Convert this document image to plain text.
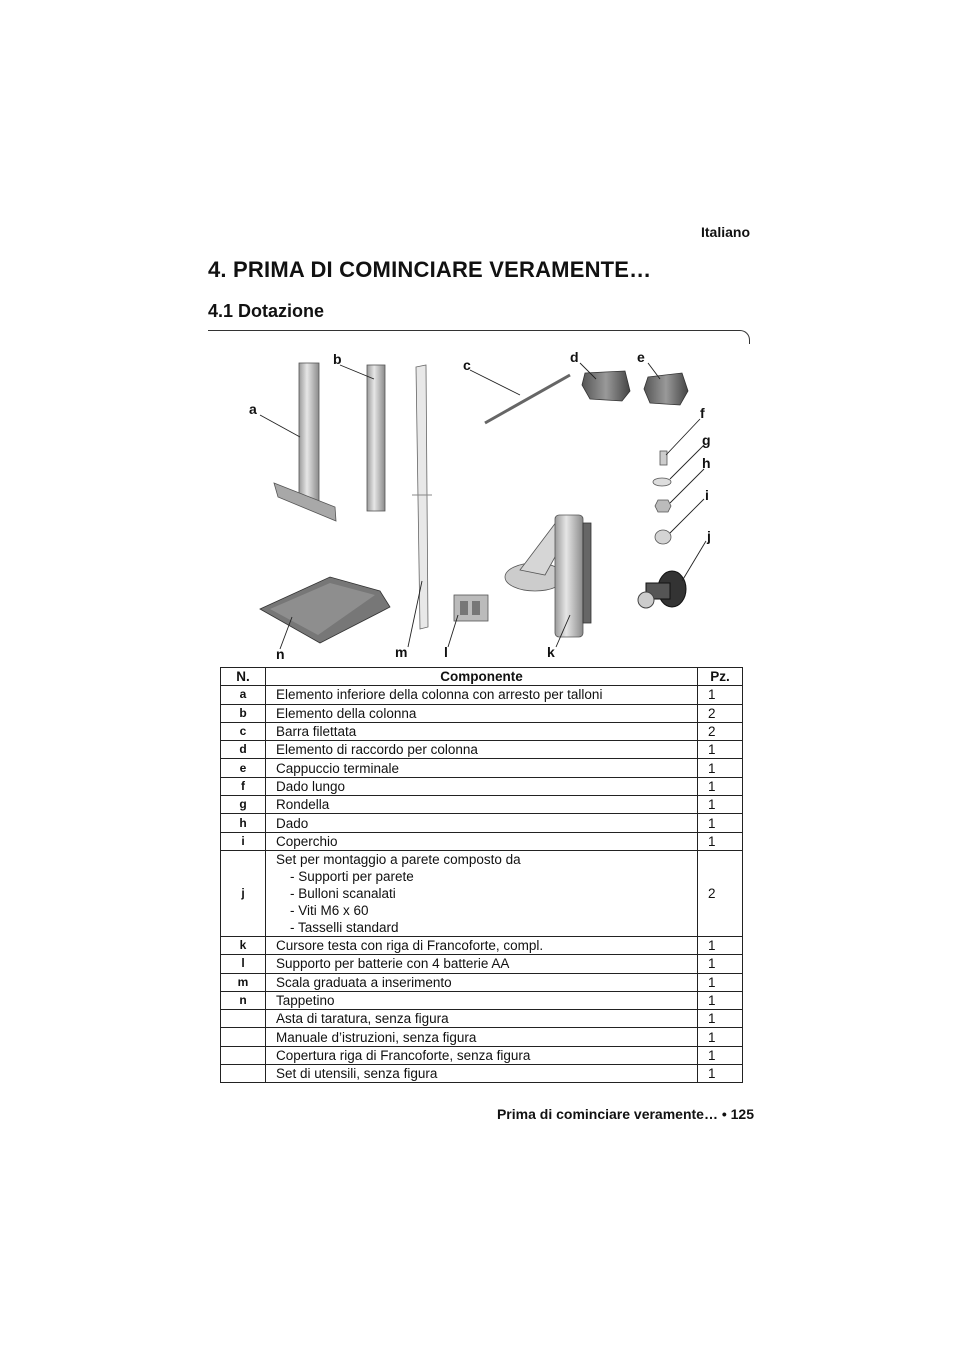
Italiano
4. PRIMA DI COMINCIARE VERAMENTE…
4.1 Dotazione
a
b	c	d	e
f
g
h
i
j
k
l
m
n
N.	Componente	Pz.
a	Elemento inferiore della colonna con arresto per talloni	1
b	Elemento della colonna	2
c	Barra filettata	2
d	Elemento di raccordo per colonna	1
e	Cappuccio terminale	1
f	Dado lungo	1
g	Rondella	1
h	Dado	1
i	Coperchio	1
j	Set per montaggio a parete composto da
- Supporti per parete
- Bulloni scanalati
- Viti M6 x 60
- Tasselli standard	2
k	Cursore testa con riga di Francoforte, compl.	1
l	Supporto per batterie con 4 batterie AA	1
m	Scala graduata a inserimento	1
n	Tappetino	1
	Asta di taratura, senza figura	1
	Manuale d’istruzioni, senza figura	1
	Copertura riga di Francoforte, senza figura	1
	Set di utensili, senza figura	1
Prima di cominciare veramente… • 125
